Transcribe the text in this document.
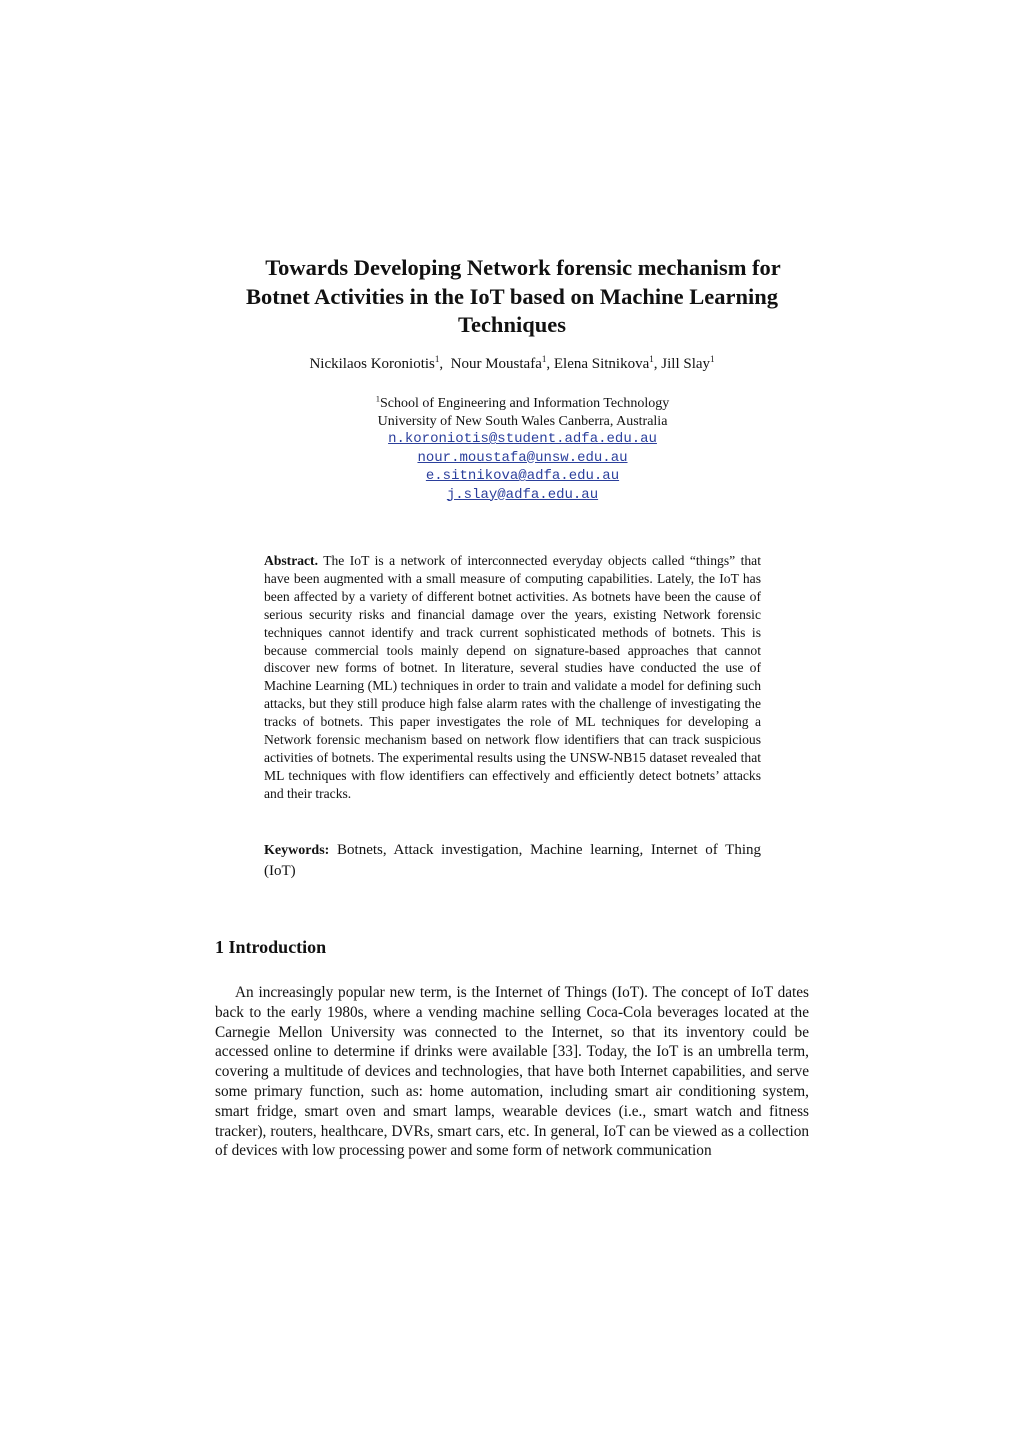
Towards Developing Network forensic mechanism for
Botnet Activities in the IoT based on Machine Learning
Techniques

Nickilaos Koroniotis$^1$,  Nour Moustafa$^1$, Elena Sitnikova$^1$, Jill Slay$^1$

$^1$School of Engineering and Information Technology
University of New South Wales Canberra, Australia
n.koroniotis@student.adfa.edu.au
nour.moustafa@unsw.edu.au
e.sitnikova@adfa.edu.au
j.slay@adfa.edu.au

Abstract. The IoT is a network of interconnected everyday objects called “things” that have been augmented with a small measure of computing capabilities. Lately, the IoT has been affected by a variety of different botnet activities. As botnets have been the cause of serious security risks and financial damage over the years, existing Network forensic techniques cannot identify and track current sophisticated methods of botnets. This is because commercial tools mainly depend on signature-based approaches that cannot discover new forms of botnet. In literature, several studies have conducted the use of Machine Learning (ML) techniques in order to train and validate a model for defining such attacks, but they still produce high false alarm rates with the challenge of investigating the tracks of botnets. This paper investigates the role of ML techniques for developing a Network forensic mechanism based on network flow identifiers that can track suspicious activities of botnets. The experimental results using the UNSW-NB15 dataset revealed that ML techniques with flow identifiers can effectively and efficiently detect botnets’ attacks and their tracks.

Keywords: Botnets, Attack investigation, Machine learning, Internet of Thing (IoT)

1 Introduction

An increasingly popular new term, is the Internet of Things (IoT). The concept of IoT dates back to the early 1980s, where a vending machine selling Coca-Cola beverages located at the Carnegie Mellon University was connected to the Internet, so that its inventory could be accessed online to determine if drinks were available [33]. Today, the IoT is an umbrella term, covering a multitude of devices and technologies, that have both Internet capabilities, and serve some primary function, such as: home automation, including smart air conditioning system, smart fridge, smart oven and smart lamps, wearable devices (i.e., smart watch and fitness tracker), routers, healthcare, DVRs, smart cars, etc. In general, IoT can be viewed as a collection of devices with low processing power and some form of network communication
